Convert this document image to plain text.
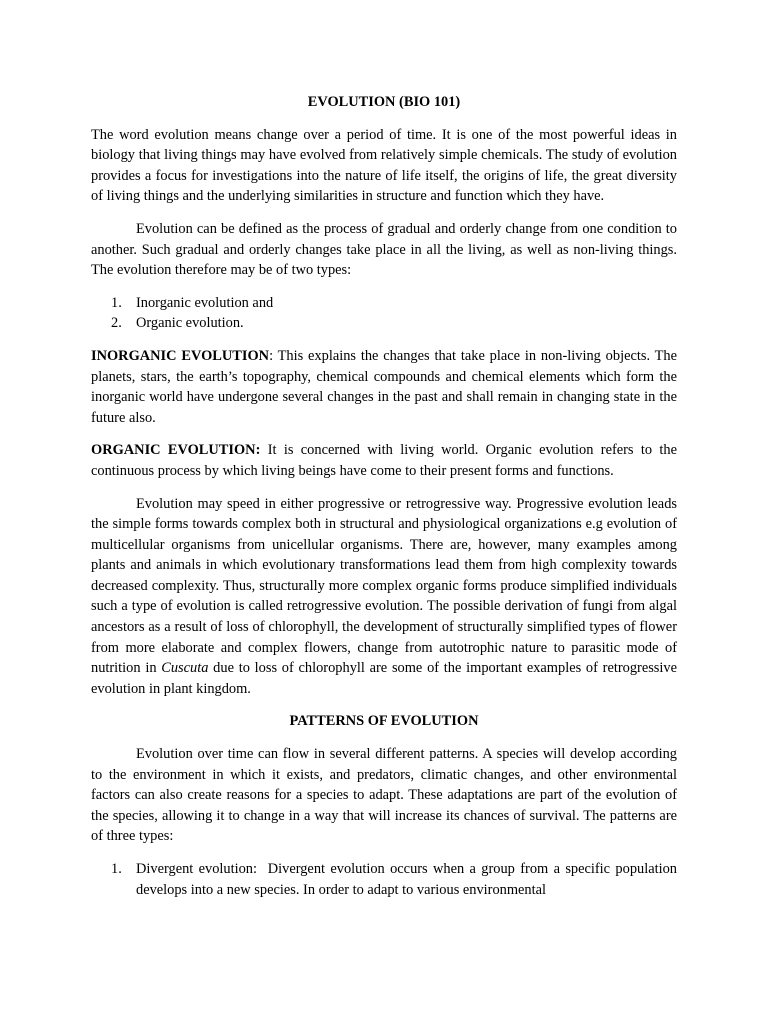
EVOLUTION (BIO 101)

The word evolution means change over a period of time. It is one of the most powerful ideas in biology that living things may have evolved from relatively simple chemicals. The study of evolution provides a focus for investigations into the nature of life itself, the origins of life, the great diversity of living things and the underlying similarities in structure and function which they have.

Evolution can be defined as the process of gradual and orderly change from one condition to another. Such gradual and orderly changes take place in all the living, as well as non-living things. The evolution therefore may be of two types:

1. Inorganic evolution and
2. Organic evolution.

INORGANIC EVOLUTION: This explains the changes that take place in non-living objects. The planets, stars, the earth’s topography, chemical compounds and chemical elements which form the inorganic world have undergone several changes in the past and shall remain in changing state in the future also.

ORGANIC EVOLUTION: It is concerned with living world. Organic evolution refers to the continuous process by which living beings have come to their present forms and functions.

Evolution may speed in either progressive or retrogressive way. Progressive evolution leads the simple forms towards complex both in structural and physiological organizations e.g evolution of multicellular organisms from unicellular organisms. There are, however, many examples among plants and animals in which evolutionary transformations lead them from high complexity towards decreased complexity. Thus, structurally more complex organic forms produce simplified individuals such a type of evolution is called retrogressive evolution. The possible derivation of fungi from algal ancestors as a result of loss of chlorophyll, the development of structurally simplified types of flower from more elaborate and complex flowers, change from autotrophic nature to parasitic mode of nutrition in Cuscuta due to loss of chlorophyll are some of the important examples of retrogressive evolution in plant kingdom.

PATTERNS OF EVOLUTION

Evolution over time can flow in several different patterns. A species will develop according to the environment in which it exists, and predators, climatic changes, and other environmental factors can also create reasons for a species to adapt. These adaptations are part of the evolution of the species, allowing it to change in a way that will increase its chances of survival. The patterns are of three types:

1. Divergent evolution:  Divergent evolution occurs when a group from a specific population develops into a new species. In order to adapt to various environmental
